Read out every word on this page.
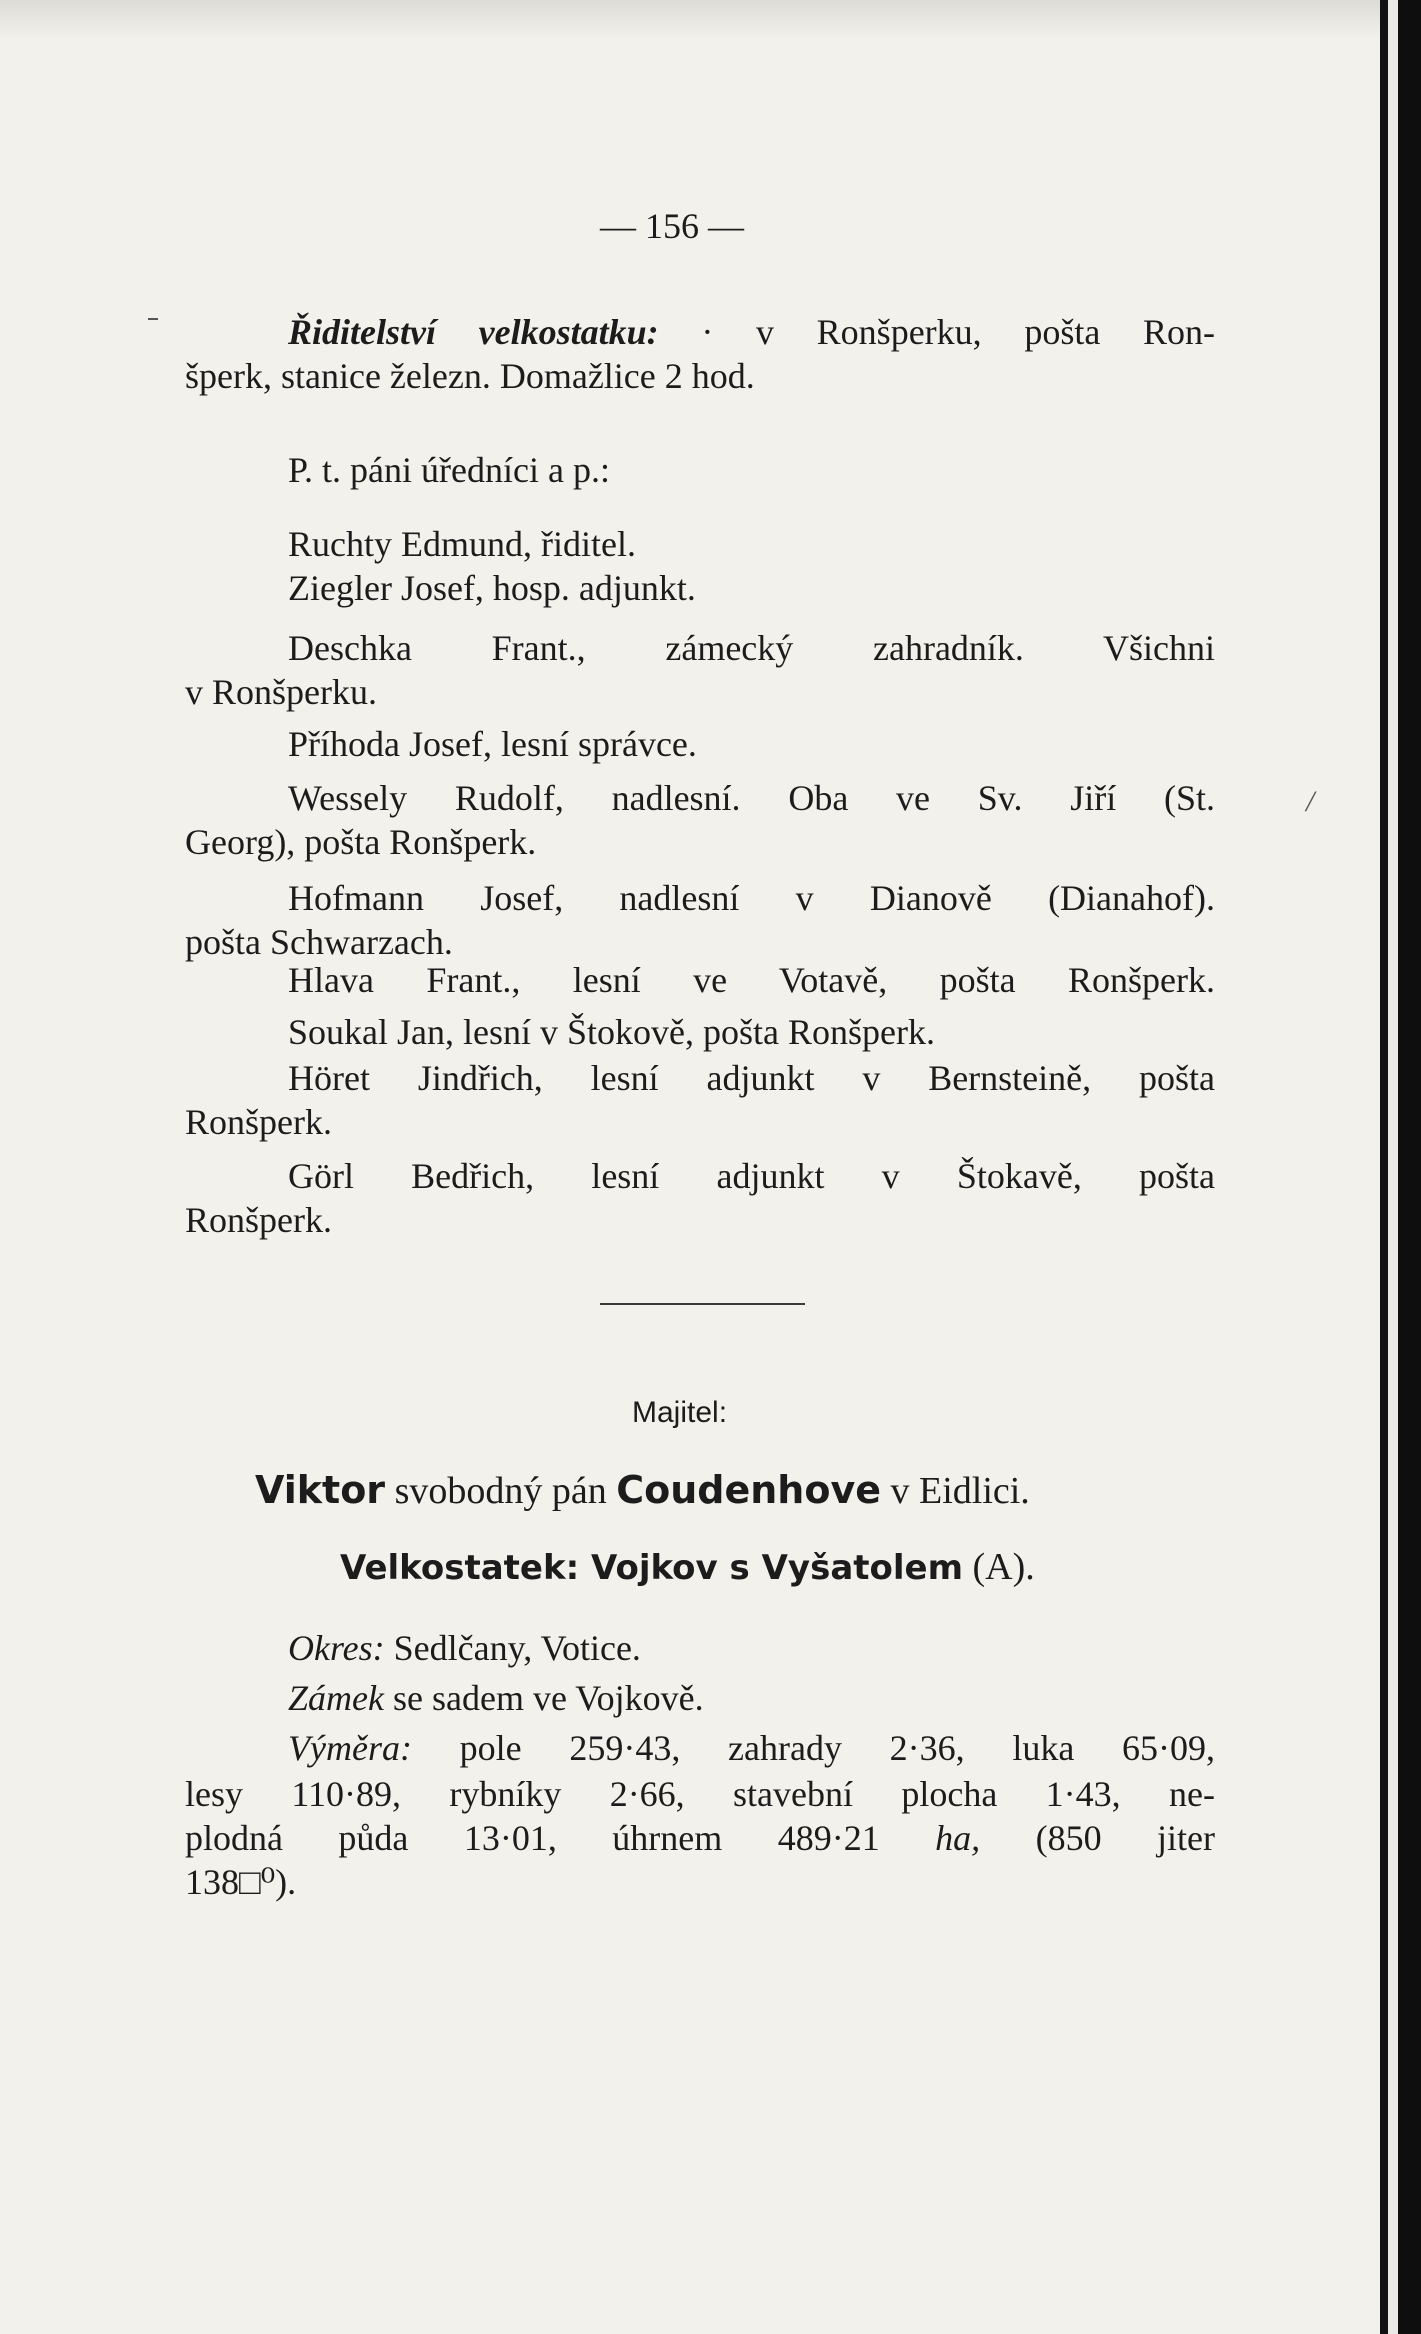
— 156 —
Řiditelství velkostatku: · v Ronšperku, pošta Ron-
šperk, stanice železn. Domažlice 2 hod.
P. t. páni úředníci a p.:
Ruchty Edmund, řiditel.
Ziegler Josef, hosp. adjunkt.
Deschka Frant., zámecký zahradník. Všichni
v Ronšperku.
Příhoda Josef, lesní správce.
Wessely Rudolf, nadlesní. Oba ve Sv. Jiří (St.
Georg), pošta Ronšperk.
Hofmann Josef, nadlesní v Dianově (Dianahof).
pošta Schwarzach.
Hlava Frant., lesní ve Votavě, pošta Ronšperk.
Soukal Jan, lesní v Štokově, pošta Ronšperk.
Höret Jindřich, lesní adjunkt v Bernsteině, pošta
Ronšperk.
Görl Bedřich, lesní adjunkt v Štokavě, pošta
Ronšperk.
/
Majitel:
Viktor svobodný pán Coudenhove v Eidlici.
Velkostatek: Vojkov s Vyšatolem (A).
Okres: Sedlčany, Votice.
Zámek se sadem ve Vojkově.
Výměra: pole 259·43, zahrady 2·36, luka 65·09,
lesy 110·89, rybníky 2·66, stavební plocha 1·43, ne-
plodná půda 13·01, úhrnem 489·21 ha, (850 jiter
138□⁰).
